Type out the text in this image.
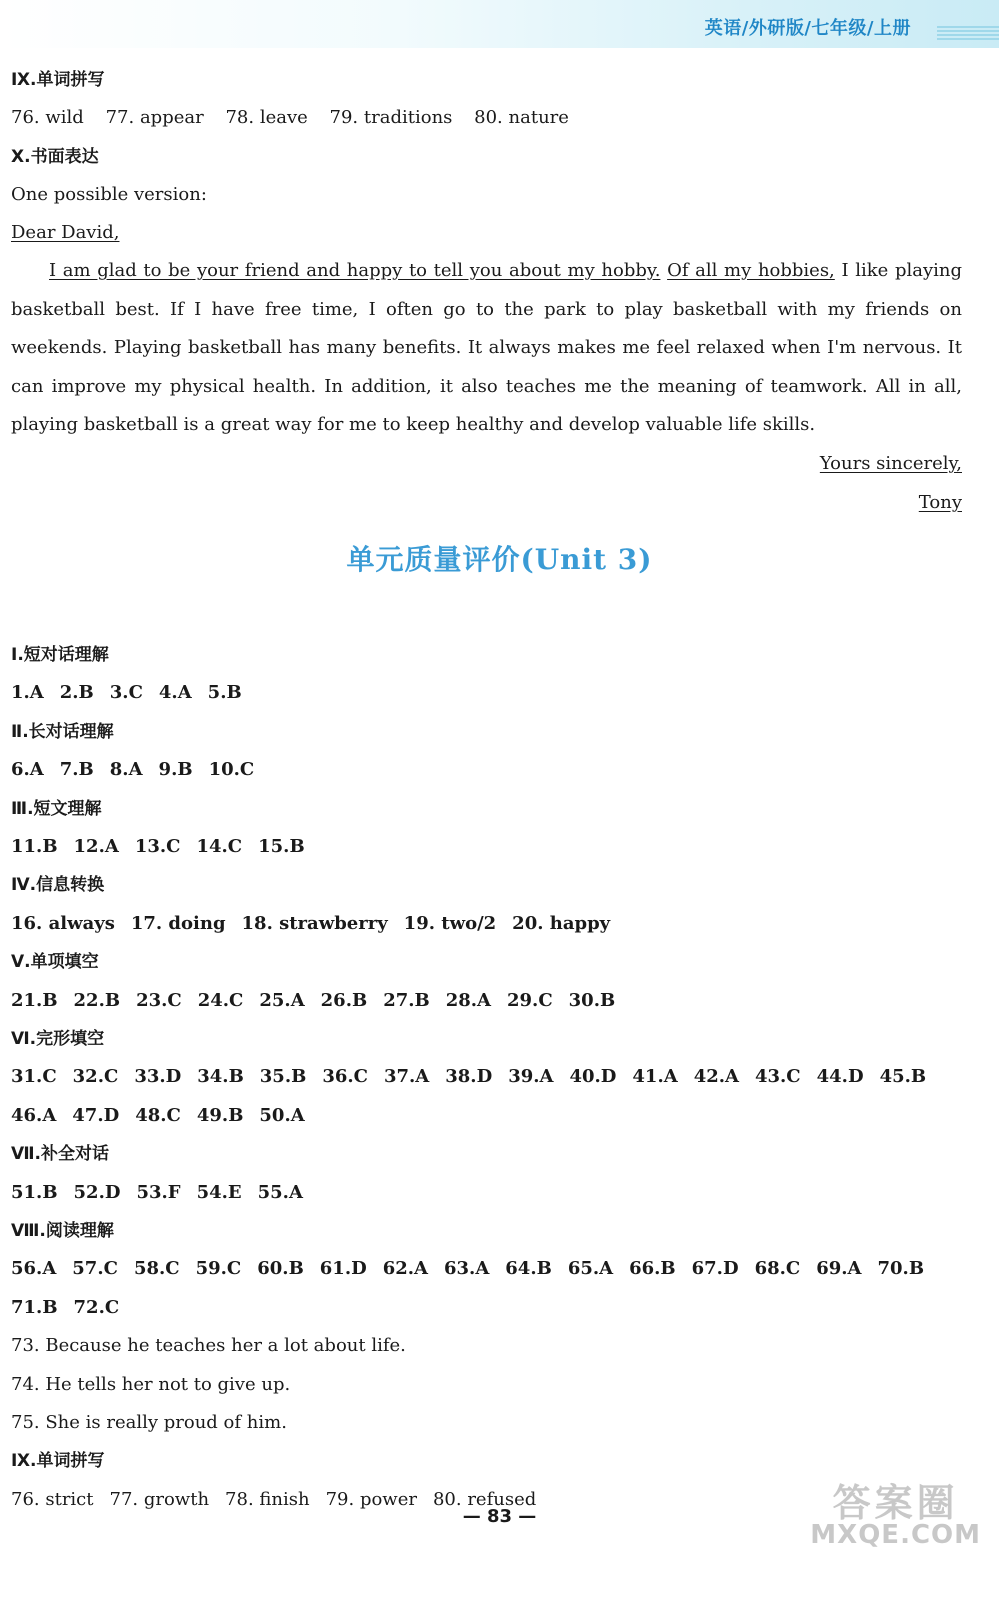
英语/外研版/七年级/上册
Ⅸ.单词拼写
76. wild 77. appear 78. leave 79. traditions 80. nature
Ⅹ.书面表达
One possible version:
Dear David,
I am glad to be your friend and happy to tell you about my hobby. Of all my hobbies, I like playing basketball best. If I have free time, I often go to the park to play basketball with my friends on weekends. Playing basketball has many benefits. It always makes me feel relaxed when I'm nervous. It can improve my physical health. In addition, it also teaches me the meaning of teamwork. All in all, playing basketball is a great way for me to keep healthy and develop valuable life skills.
Yours sincerely,
Tony
单元质量评价(Unit 3)
Ⅰ.短对话理解
1.A 2.B 3.C 4.A 5.B
Ⅱ.长对话理解
6.A 7.B 8.A 9.B 10.C
Ⅲ.短文理解
11.B 12.A 13.C 14.C 15.B
Ⅳ.信息转换
16. always 17. doing 18. strawberry 19. two/2 20. happy
Ⅴ.单项填空
21.B 22.B 23.C 24.C 25.A 26.B 27.B 28.A 29.C 30.B
Ⅵ.完形填空
31.C 32.C 33.D 34.B 35.B 36.C 37.A 38.D 39.A 40.D 41.A 42.A 43.C 44.D 45.B
46.A 47.D 48.C 49.B 50.A
Ⅶ.补全对话
51.B 52.D 53.F 54.E 55.A
Ⅷ.阅读理解
56.A 57.C 58.C 59.C 60.B 61.D 62.A 63.A 64.B 65.A 66.B 67.D 68.C 69.A 70.B
71.B 72.C
73. Because he teaches her a lot about life.
74. He tells her not to give up.
75. She is really proud of him.
Ⅸ.单词拼写
76. strict 77. growth 78. finish 79. power 80. refused
— 83 —	答案圈
MXQE.COM
